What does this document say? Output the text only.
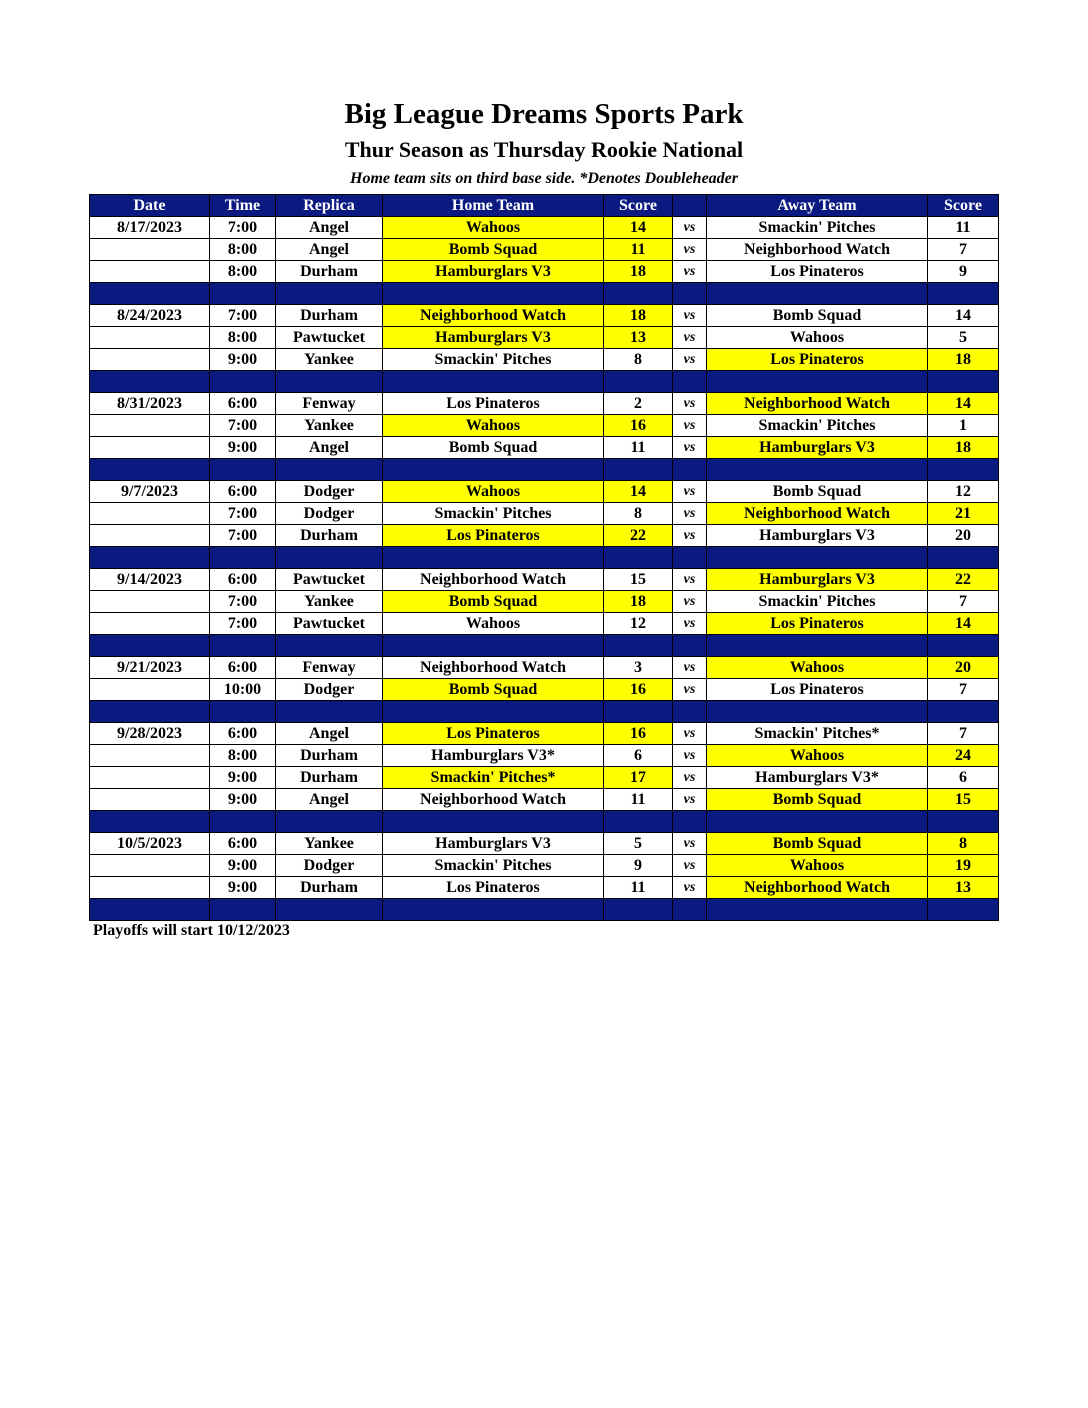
Big League Dreams Sports Park
Thur Season as Thursday Rookie National
Home team sits on third base side. *Denotes Doubleheader
Date	Time	Replica	Home Team	Score		Away Team	Score
8/17/2023	7:00	Angel	Wahoos	14	vs	Smackin' Pitches	11
	8:00	Angel	Bomb Squad	11	vs	Neighborhood Watch	7
	8:00	Durham	Hamburglars V3	18	vs	Los Pinateros	9

8/24/2023	7:00	Durham	Neighborhood Watch	18	vs	Bomb Squad	14
	8:00	Pawtucket	Hamburglars V3	13	vs	Wahoos	5
	9:00	Yankee	Smackin' Pitches	8	vs	Los Pinateros	18

8/31/2023	6:00	Fenway	Los Pinateros	2	vs	Neighborhood Watch	14
	7:00	Yankee	Wahoos	16	vs	Smackin' Pitches	1
	9:00	Angel	Bomb Squad	11	vs	Hamburglars V3	18

9/7/2023	6:00	Dodger	Wahoos	14	vs	Bomb Squad	12
	7:00	Dodger	Smackin' Pitches	8	vs	Neighborhood Watch	21
	7:00	Durham	Los Pinateros	22	vs	Hamburglars V3	20

9/14/2023	6:00	Pawtucket	Neighborhood Watch	15	vs	Hamburglars V3	22
	7:00	Yankee	Bomb Squad	18	vs	Smackin' Pitches	7
	7:00	Pawtucket	Wahoos	12	vs	Los Pinateros	14

9/21/2023	6:00	Fenway	Neighborhood Watch	3	vs	Wahoos	20
	10:00	Dodger	Bomb Squad	16	vs	Los Pinateros	7

9/28/2023	6:00	Angel	Los Pinateros	16	vs	Smackin' Pitches*	7
	8:00	Durham	Hamburglars V3*	6	vs	Wahoos	24
	9:00	Durham	Smackin' Pitches*	17	vs	Hamburglars V3*	6
	9:00	Angel	Neighborhood Watch	11	vs	Bomb Squad	15

10/5/2023	6:00	Yankee	Hamburglars V3	5	vs	Bomb Squad	8
	9:00	Dodger	Smackin' Pitches	9	vs	Wahoos	19
	9:00	Durham	Los Pinateros	11	vs	Neighborhood Watch	13

Playoffs will start 10/12/2023
